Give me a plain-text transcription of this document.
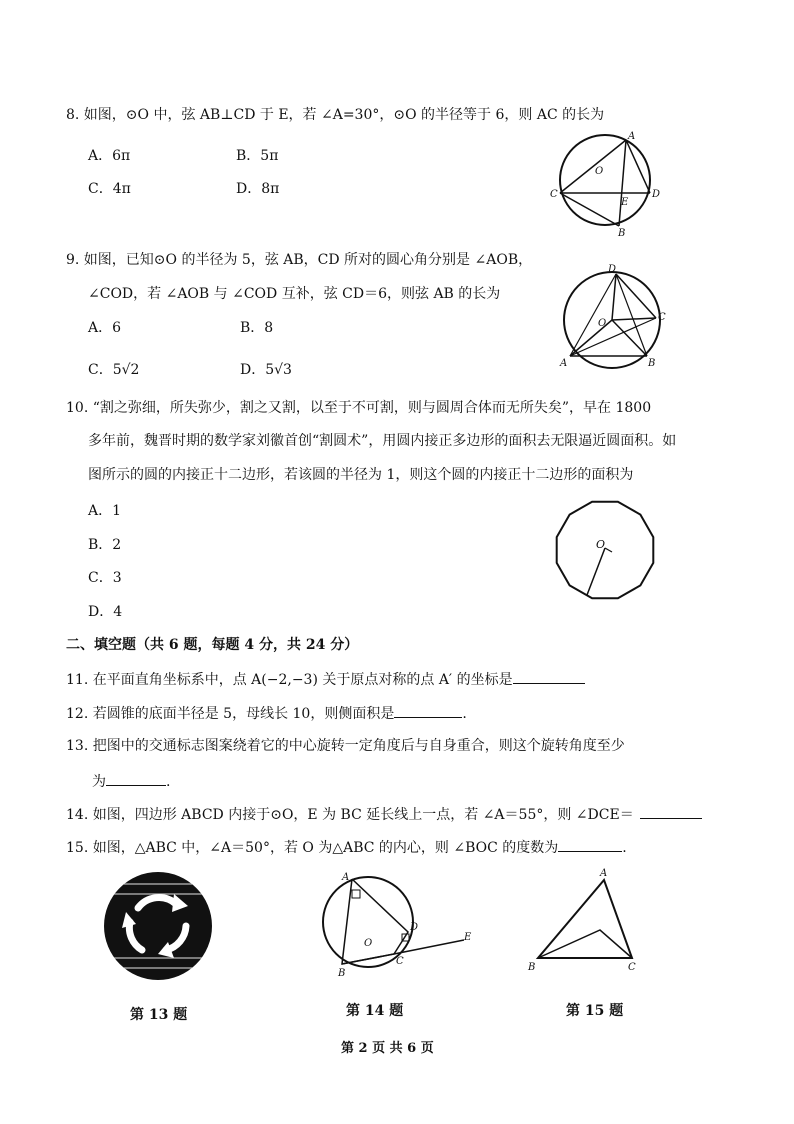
8. 如图，⊙O 中，弦 AB⊥CD 于 E，若 ∠A=30°，⊙O 的半径等于 6，则 AC 的长为
A．6π	B．5π
C．4π	D．8π
A
O
C	D
E
B
9. 如图，已知⊙O 的半径为 5，弦 AB，CD 所对的圆心角分别是 ∠AOB，
∠COD，若 ∠AOB 与 ∠COD 互补，弦 CD＝6，则弦 AB 的长为
A．6	B．8
C．5√2	D．5√3
D
O
C
A	B
10. “割之弥细，所失弥少，割之又割，以至于不可割，则与圆周合体而无所失矣”，早在 1800
多年前，魏晋时期的数学家刘徽首创“割圆术”，用圆内接正多边形的面积去无限逼近圆面积。如
图所示的圆的内接正十二边形，若该圆的半径为 1，则这个圆的内接正十二边形的面积为
A．1
B．2
C．3
D．4
O
二、填空题（共 6 题，每题 4 分，共 24 分）
11. 在平面直角坐标系中，点 A(−2,−3) 关于原点对称的点 A′ 的坐标是
12. 若圆锥的底面半径是 5，母线长 10，则侧面积是	.
13. 把图中的交通标志图案绕着它的中心旋转一定角度后与自身重合，则这个旋转角度至少
为	.
14. 如图，四边形 ABCD 内接于⊙O，E 为 BC 延长线上一点，若 ∠A＝55°，则 ∠DCE＝
15. 如图，△ABC 中，∠A＝50°，若 O 为△ABC 的内心，则 ∠BOC 的度数为	.
A
D
O
B
C
E
A
B	C
第 13 题	第 14 题	第 15 题
第 2 页 共 6 页
